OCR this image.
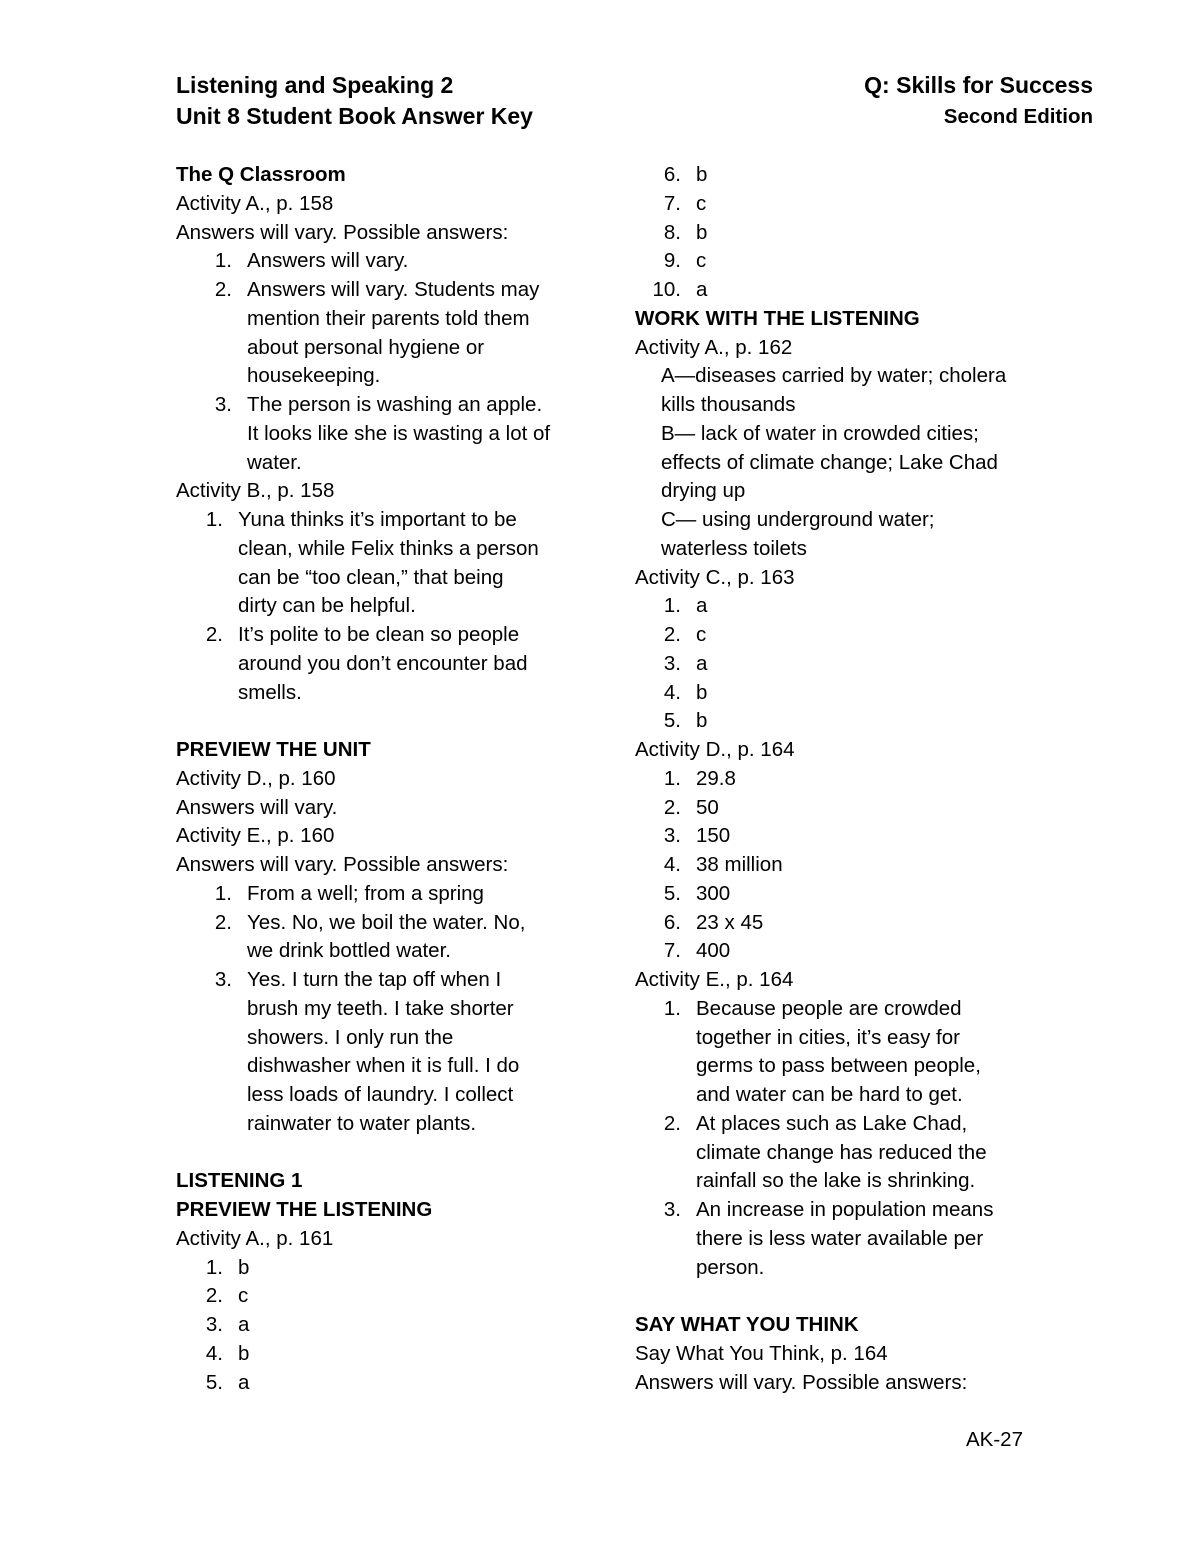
Listening and Speaking 2
Unit 8 Student Book Answer Key
Q: Skills for Success
Second Edition
The Q Classroom
Activity A., p. 158
Answers will vary. Possible answers:
1. Answers will vary.
2. Answers will vary. Students may
mention their parents told them
about personal hygiene or
housekeeping.
3. The person is washing an apple.
It looks like she is wasting a lot of
water.
Activity B., p. 158
1. Yuna thinks it’s important to be
clean, while Felix thinks a person
can be “too clean,” that being
dirty can be helpful.
2. It’s polite to be clean so people
around you don’t encounter bad
smells.
PREVIEW THE UNIT
Activity D., p. 160
Answers will vary.
Activity E., p. 160
Answers will vary. Possible answers:
1. From a well; from a spring
2. Yes. No, we boil the water. No,
we drink bottled water.
3. Yes. I turn the tap off when I
brush my teeth. I take shorter
showers. I only run the
dishwasher when it is full. I do
less loads of laundry. I collect
rainwater to water plants.
LISTENING 1
PREVIEW THE LISTENING
Activity A., p. 161
1. b
2. c
3. a
4. b
5. a
6. b
7. c
8. b
9. c
10. a
WORK WITH THE LISTENING
Activity A., p. 162
A—diseases carried by water; cholera
kills thousands
B— lack of water in crowded cities;
effects of climate change; Lake Chad
drying up
C— using underground water;
waterless toilets
Activity C., p. 163
1. a
2. c
3. a
4. b
5. b
Activity D., p. 164
1. 29.8
2. 50
3. 150
4. 38 million
5. 300
6. 23 x 45
7. 400
Activity E., p. 164
1. Because people are crowded
together in cities, it’s easy for
germs to pass between people,
and water can be hard to get.
2. At places such as Lake Chad,
climate change has reduced the
rainfall so the lake is shrinking.
3. An increase in population means
there is less water available per
person.
SAY WHAT YOU THINK
Say What You Think, p. 164
Answers will vary. Possible answers:
AK-27
